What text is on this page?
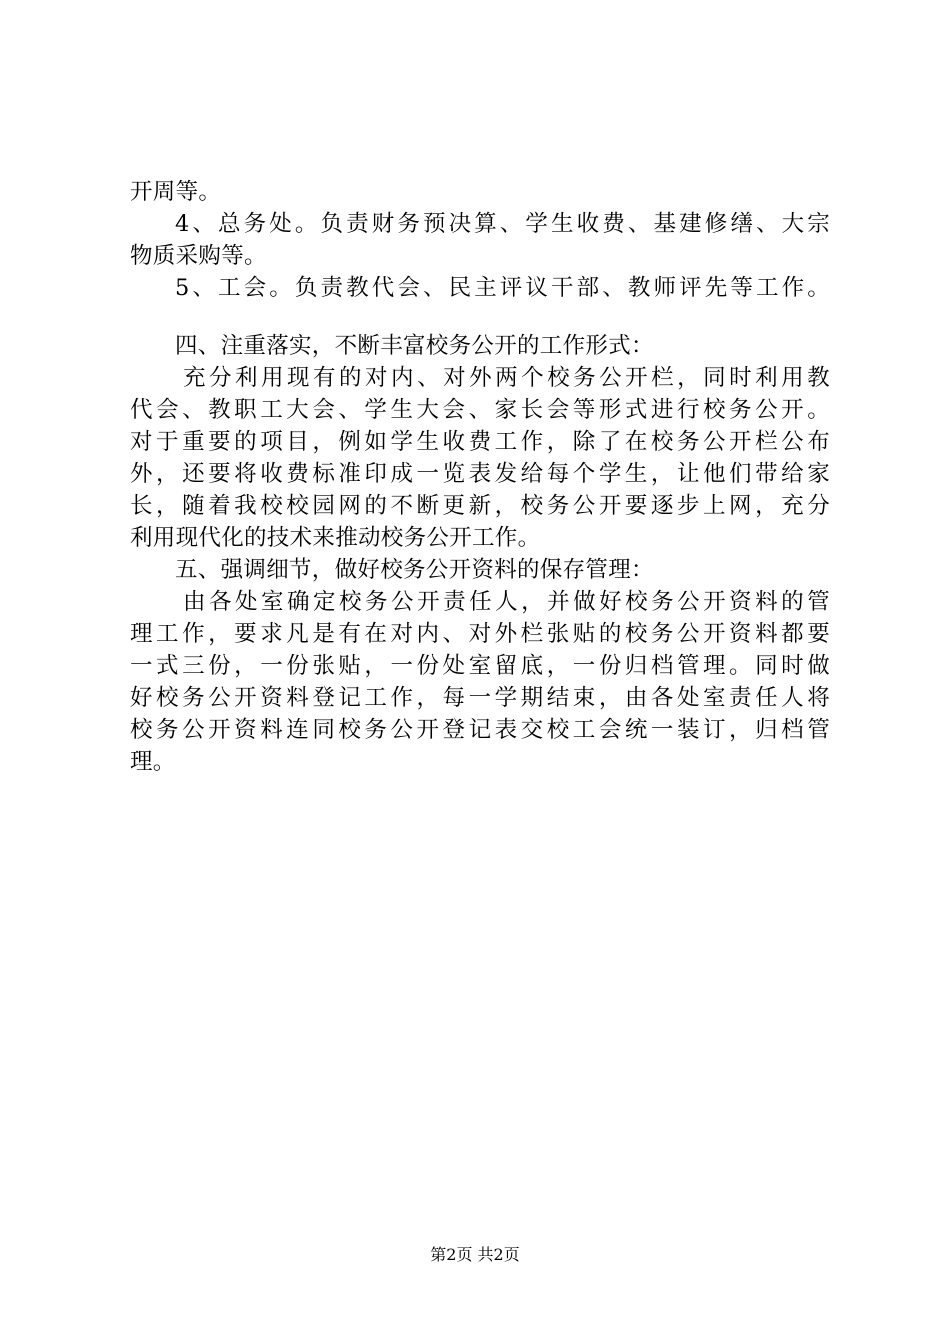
开周等。
4、总务处。负责财务预决算、学生收费、基建修缮、大宗
物质采购等。
5、工会。负责教代会、民主评议干部、教师评先等工作。
四、注重落实，不断丰富校务公开的工作形式：
充分利用现有的对内、对外两个校务公开栏，同时利用教
代会、教职工大会、学生大会、家长会等形式进行校务公开。
对于重要的项目，例如学生收费工作，除了在校务公开栏公布
外，还要将收费标准印成一览表发给每个学生，让他们带给家
长，随着我校校园网的不断更新，校务公开要逐步上网，充分
利用现代化的技术来推动校务公开工作。
五、强调细节，做好校务公开资料的保存管理：
由各处室确定校务公开责任人，并做好校务公开资料的管
理工作，要求凡是有在对内、对外栏张贴的校务公开资料都要
一式三份，一份张贴，一份处室留底，一份归档管理。同时做
好校务公开资料登记工作，每一学期结束，由各处室责任人将
校务公开资料连同校务公开登记表交校工会统一装订，归档管
理。
第2页 共2页
